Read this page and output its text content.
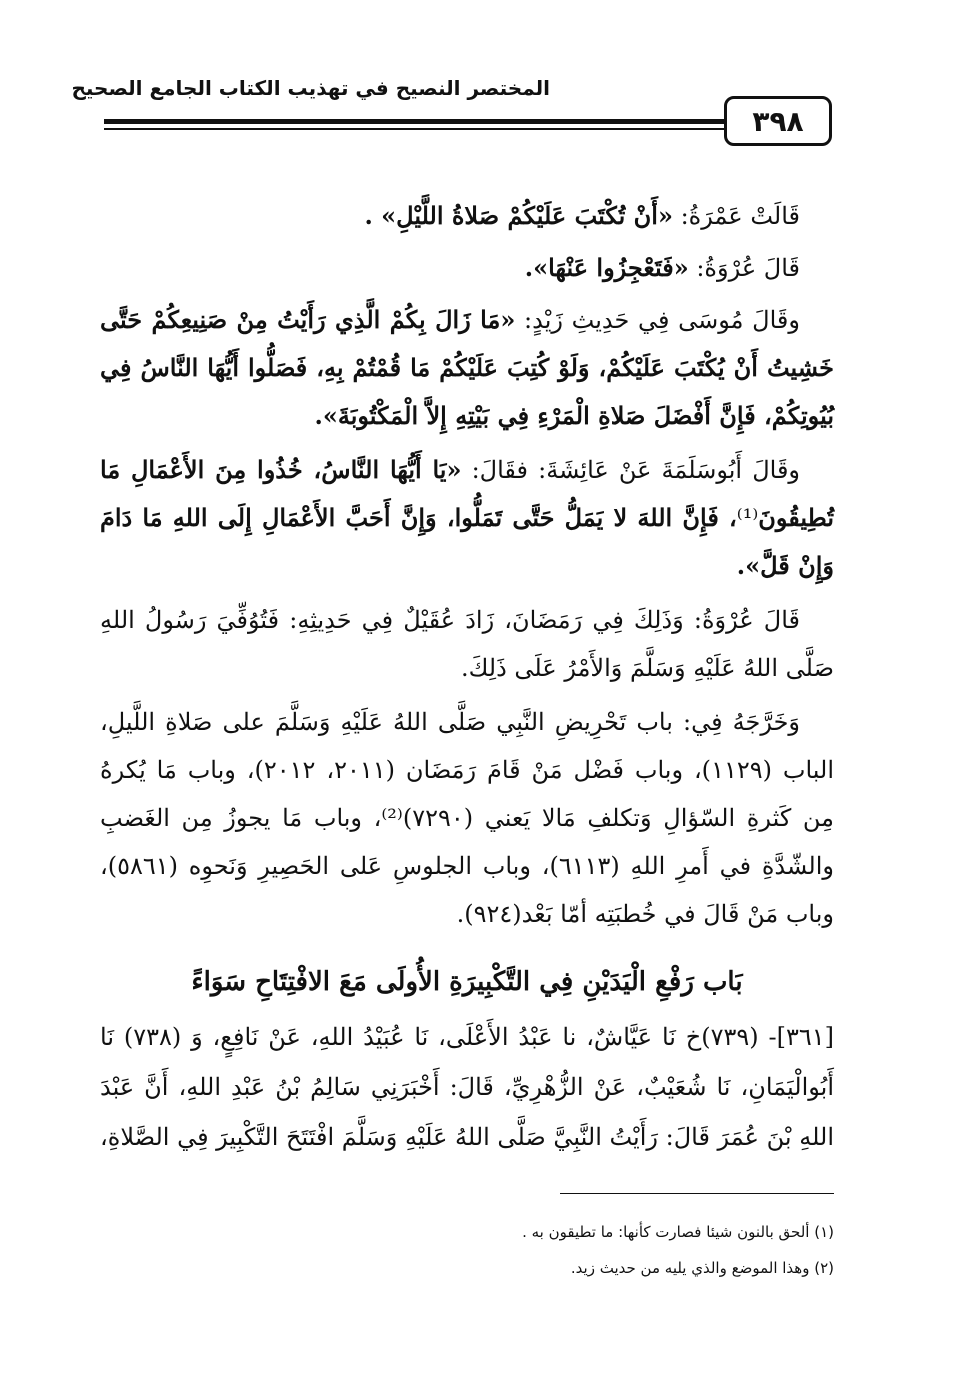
المختصر النصيح في تهذيب الكتاب الجامع الصحيح
٣٩٨

قَالَتْ عَمْرَةُ: «أَنْ تُكْتَبَ عَلَيْكُمْ صَلاةُ اللَّيْلِ» .

قَالَ عُرْوَةُ: «فَتَعْجِزُوا عَنْهَا».

وقَالَ مُوسَى فِي حَدِيثِ زَيْدٍ: «مَا زَالَ بِكُمْ الَّذِي رَأَيْتُ مِنْ صَنِيعِكُمْ حَتَّى خَشِيتُ أَنْ يُكْتَبَ عَلَيْكُمْ، وَلَوْ كُتِبَ عَلَيْكُمْ مَا قُمْتُمْ بِهِ، فَصَلُّوا أَيُّهَا النَّاسُ فِي بُيُوتِكُمْ، فَإِنَّ أَفْضَلَ صَلاةِ الْمَرْءِ فِي بَيْتِهِ إِلاَّ الْمَكْتُوبَةَ».

وقَالَ أَبُوسَلَمَةَ عَنْ عَائِشَةَ: فقَالَ: «يَا أَيُّهَا النَّاسُ، خُذُوا مِنَ الأَعْمَالِ مَا تُطِيقُونَ⁽¹⁾، فَإِنَّ اللهَ لا يَمَلُّ حَتَّى تَمَلُّوا، وَإِنَّ أَحَبَّ الأَعْمَالِ إِلَى اللهِ مَا دَامَ وَإِنْ قَلَّ».

قَالَ عُرْوَةُ: وَذَلِكَ فِي رَمَضَانَ، زَادَ عُقَيْلٌ فِي حَدِيثِهِ: فَتُوُفِّيَ رَسُولُ اللهِ صَلَّى اللهُ عَلَيْهِ وَسَلَّمَ وَالأَمْرُ عَلَى ذَلِكَ.

وَخَرَّجَهُ فِي: باب تَحْرِيضِ النَّبِي صَلَّى اللهُ عَلَيْهِ وَسَلَّمَ على صَلاةِ اللَّيلِ، الباب (١١٢٩)، وباب فَضْل مَنْ قَامَ رَمَضَان (٢٠١١، ٢٠١٢)، وباب مَا يُكرهُ مِن كَثرةِ السّؤالِ وَتكلفِ مَالا يَعني (٧٢٩٠)⁽²⁾، وباب مَا يجوزُ مِن الغَضبِ والشّدَّةِ في أَمرِ اللهِ (٦١١٣)، وباب الجلوسِ عَلى الحَصِيرِ وَنَحوِه (٥٨٦١)، وباب مَنْ قَالَ في خُطبَتِه أمّا بَعْد(٩٢٤).

بَاب رَفْعِ الْيَدَيْنِ فِي التَّكْبِيرَةِ الأُولَى مَعَ الافْتِتَاحِ سَوَاءً
[٣٦١]- (٧٣٩)خ نَا عَيَّاشٌ، نا عَبْدُ الأَعْلَى، نَا عُبَيْدُ اللهِ، عَنْ نَافِعٍ، وَ (٧٣٨) نَا أَبُوالْيَمَانِ، نَا شُعَيْبٌ، عَنْ الزُّهْرِيِّ، قَالَ: أَخْبَرَنِي سَالِمُ بْنُ عَبْدِ اللهِ، أَنَّ عَبْدَ اللهِ بْنَ عُمَرَ قَالَ: رَأَيْتُ النَّبِيَّ صَلَّى اللهُ عَلَيْهِ وَسَلَّمَ افْتَتَحَ التَّكْبِيرَ فِي الصَّلاةِ،

(١) ألحق بالنون شيئا فصارت كأنها: ما تطيقون به .

(٢) وهذا الموضع والذي يليه من حديث زيد.
